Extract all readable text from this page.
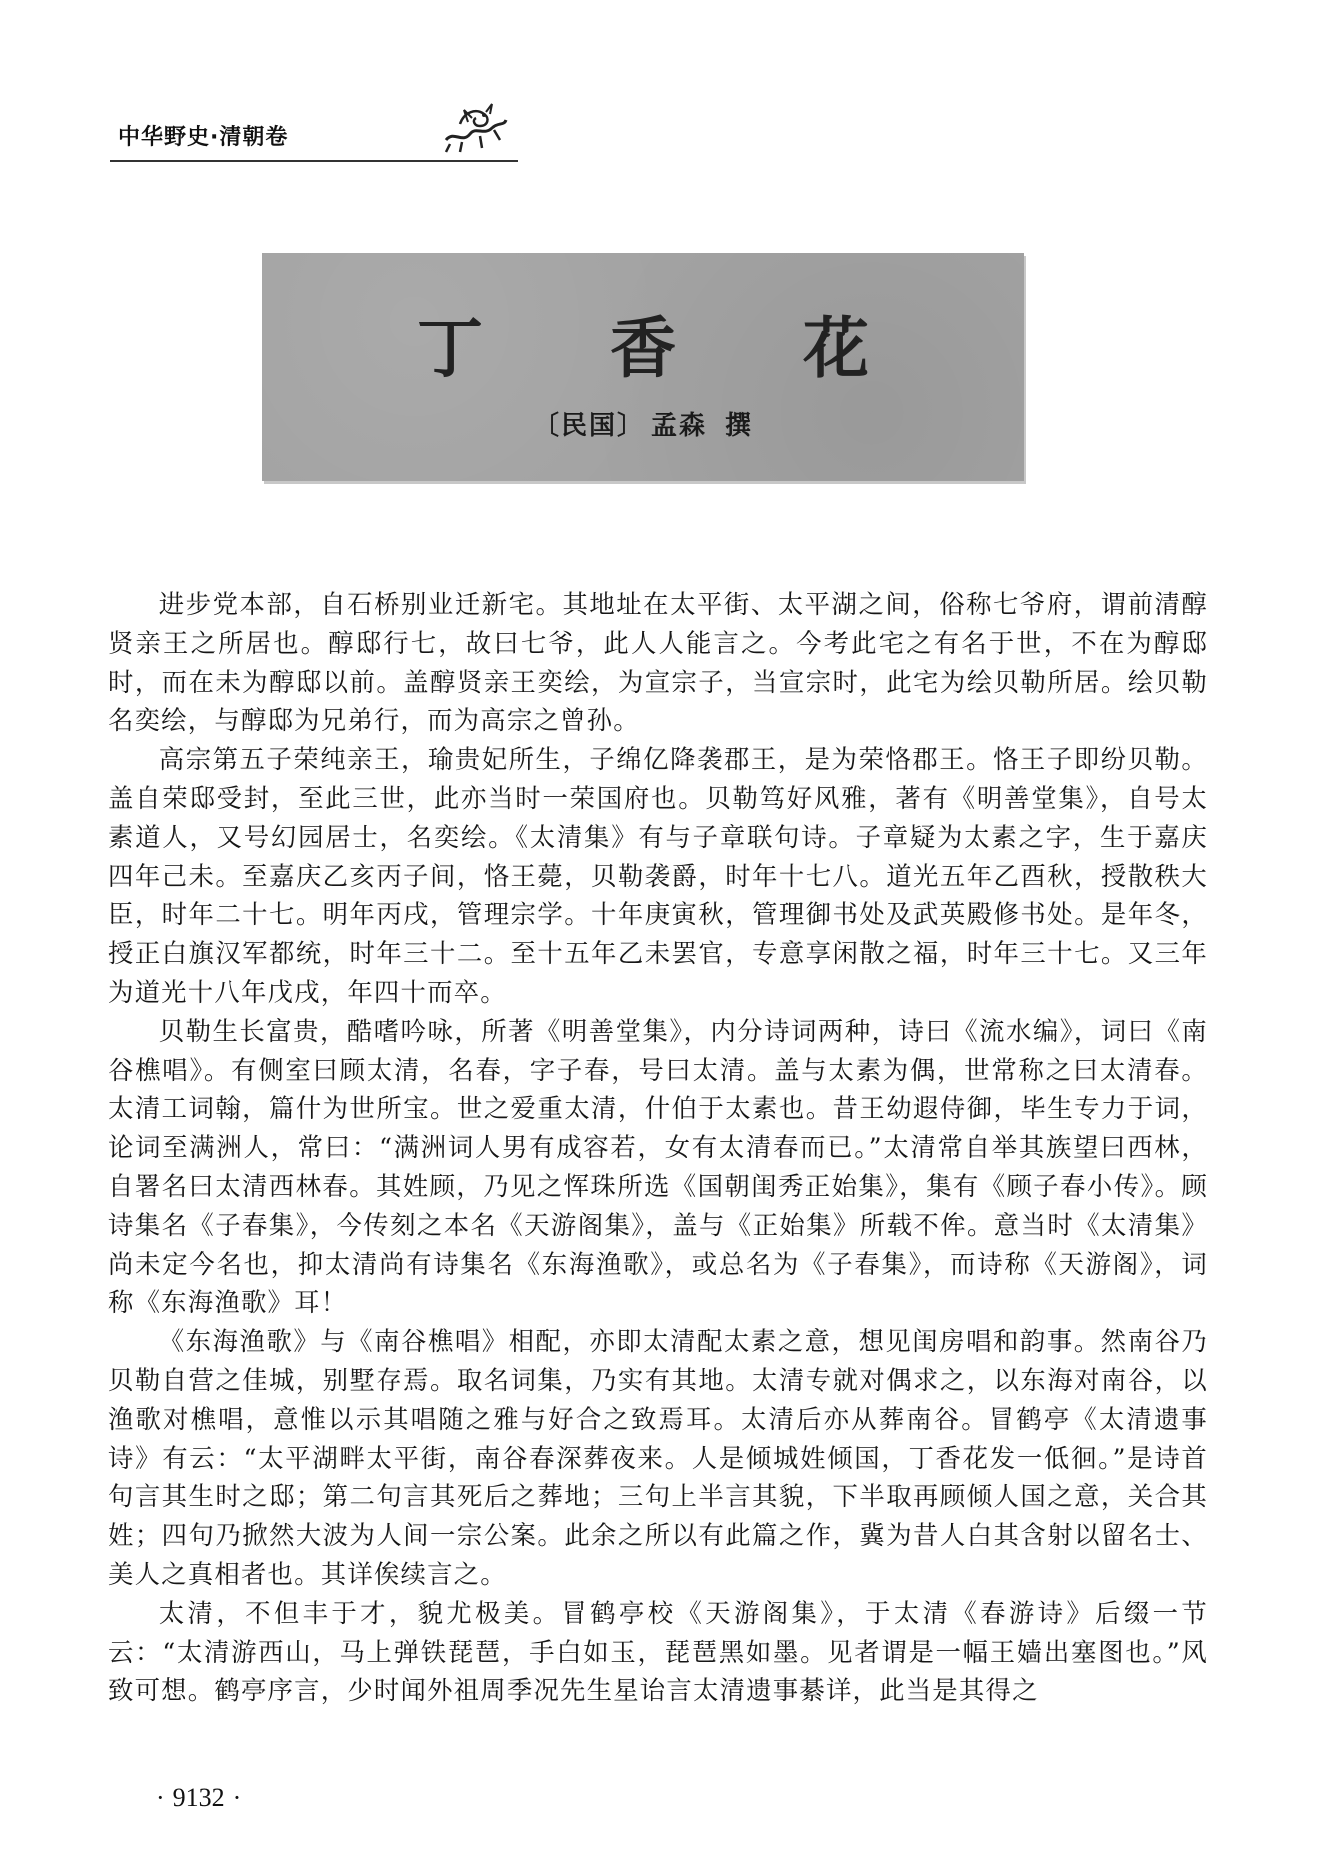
中华野史·清朝卷
丁 香 花
〔民国〕 孟森 撰

进步党本部，自石桥别业迁新宅。其地址在太平街、太平湖之间，俗称七爷府，谓前清醇贤亲王之所居也。醇邸行七，故曰七爷，此人人能言之。今考此宅之有名于世，不在为醇邸时，而在未为醇邸以前。盖醇贤亲王奕绘，为宣宗子，当宣宗时，此宅为绘贝勒所居。绘贝勒名奕绘，与醇邸为兄弟行，而为高宗之曾孙。

高宗第五子荣纯亲王，瑜贵妃所生，子绵亿降袭郡王，是为荣恪郡王。恪王子即纷贝勒。盖自荣邸受封，至此三世，此亦当时一荣国府也。贝勒笃好风雅，著有《明善堂集》，自号太素道人，又号幻园居士，名奕绘。《太清集》有与子章联句诗。子章疑为太素之字，生于嘉庆四年己未。至嘉庆乙亥丙子间，恪王薨，贝勒袭爵，时年十七八。道光五年乙酉秋，授散秩大臣，时年二十七。明年丙戌，管理宗学。十年庚寅秋，管理御书处及武英殿修书处。是年冬，授正白旗汉军都统，时年三十二。至十五年乙未罢官，专意享闲散之福，时年三十七。又三年为道光十八年戊戌，年四十而卒。

贝勒生长富贵，酷嗜吟咏，所著《明善堂集》，内分诗词两种，诗曰《流水编》，词曰《南谷樵唱》。有侧室曰顾太清，名春，字子春，号曰太清。盖与太素为偶，世常称之曰太清春。太清工词翰，篇什为世所宝。世之爱重太清，什伯于太素也。昔王幼遐侍御，毕生专力于词，论词至满洲人，常曰：“满洲词人男有成容若，女有太清春而已。”太清常自举其族望曰西林，自署名曰太清西林春。其姓顾，乃见之恽珠所选《国朝闺秀正始集》，集有《顾子春小传》。顾诗集名《子春集》，今传刻之本名《天游阁集》，盖与《正始集》所载不侔。意当时《太清集》尚未定今名也，抑太清尚有诗集名《东海渔歌》，或总名为《子春集》，而诗称《天游阁》，词称《东海渔歌》耳！

《东海渔歌》与《南谷樵唱》相配，亦即太清配太素之意，想见闺房唱和韵事。然南谷乃贝勒自营之佳城，别墅存焉。取名词集，乃实有其地。太清专就对偶求之，以东海对南谷，以渔歌对樵唱，意惟以示其唱随之雅与好合之致焉耳。太清后亦从葬南谷。冒鹤亭《太清遗事诗》有云：“太平湖畔太平街，南谷春深葬夜来。人是倾城姓倾国，丁香花发一低徊。”是诗首句言其生时之邸；第二句言其死后之葬地；三句上半言其貌，下半取再顾倾人国之意，关合其姓；四句乃掀然大波为人间一宗公案。此余之所以有此篇之作，冀为昔人白其含射以留名士、美人之真相者也。其详俟续言之。

太清，不但丰于才，貌尤极美。冒鹤亭校《天游阁集》，于太清《春游诗》后缀一节云：“太清游西山，马上弹铁琵琶，手白如玉，琵琶黑如墨。见者谓是一幅王嫱出塞图也。”风致可想。鹤亭序言，少时闻外祖周季况先生星诒言太清遗事綦详，此当是其得之

· 9132 ·
